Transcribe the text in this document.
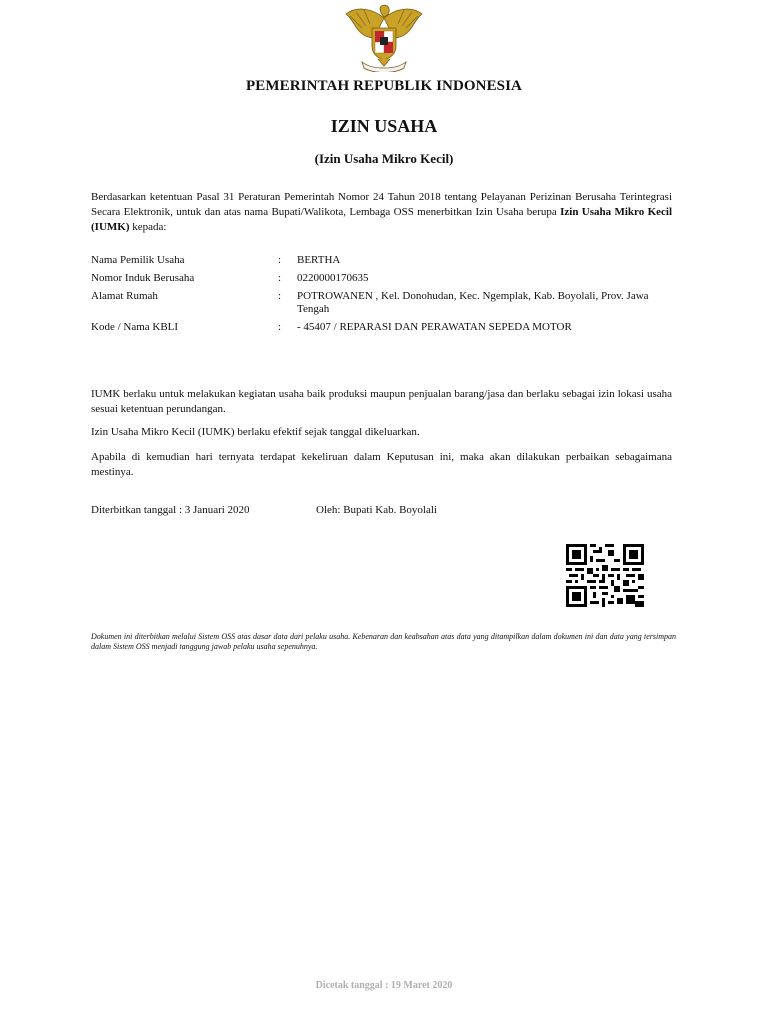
PEMERINTAH REPUBLIK INDONESIA
IZIN USAHA
(Izin Usaha Mikro Kecil)

Berdasarkan ketentuan Pasal 31 Peraturan Pemerintah Nomor 24 Tahun 2018 tentang Pelayanan Perizinan Berusaha Terintegrasi Secara Elektronik, untuk dan atas nama Bupati/Walikota, Lembaga OSS menerbitkan Izin Usaha berupa Izin Usaha Mikro Kecil (IUMK) kepada:

Nama Pemilik Usaha	:	BERTHA
Nomor Induk Berusaha	:	0220000170635
Alamat Rumah	:	POTROWANEN , Kel. Donohudan, Kec. Ngemplak, Kab. Boyolali, Prov. Jawa Tengah
Kode / Nama KBLI	:	- 45407 / REPARASI DAN PERAWATAN SEPEDA MOTOR

IUMK berlaku untuk melakukan kegiatan usaha baik produksi maupun penjualan barang/jasa dan berlaku sebagai izin lokasi usaha sesuai ketentuan perundangan.

Izin Usaha Mikro Kecil (IUMK) berlaku efektif sejak tanggal dikeluarkan.

Apabila di kemudian hari ternyata terdapat kekeliruan dalam Keputusan ini, maka akan dilakukan perbaikan sebagaimana mestinya.

Diterbitkan tanggal : 3 Januari 2020	Oleh: Bupati Kab. Boyolali

Dokumen ini diterbitkan melalui Sistem OSS atas dasar data dari pelaku usaha. Kebenaran dan keabsahan atas data yang ditampilkan dalam dokumen ini dan data yang tersimpan dalam Sistem OSS menjadi tanggung jawab pelaku usaha sepenuhnya.

Dicetak tanggal : 19 Maret 2020
